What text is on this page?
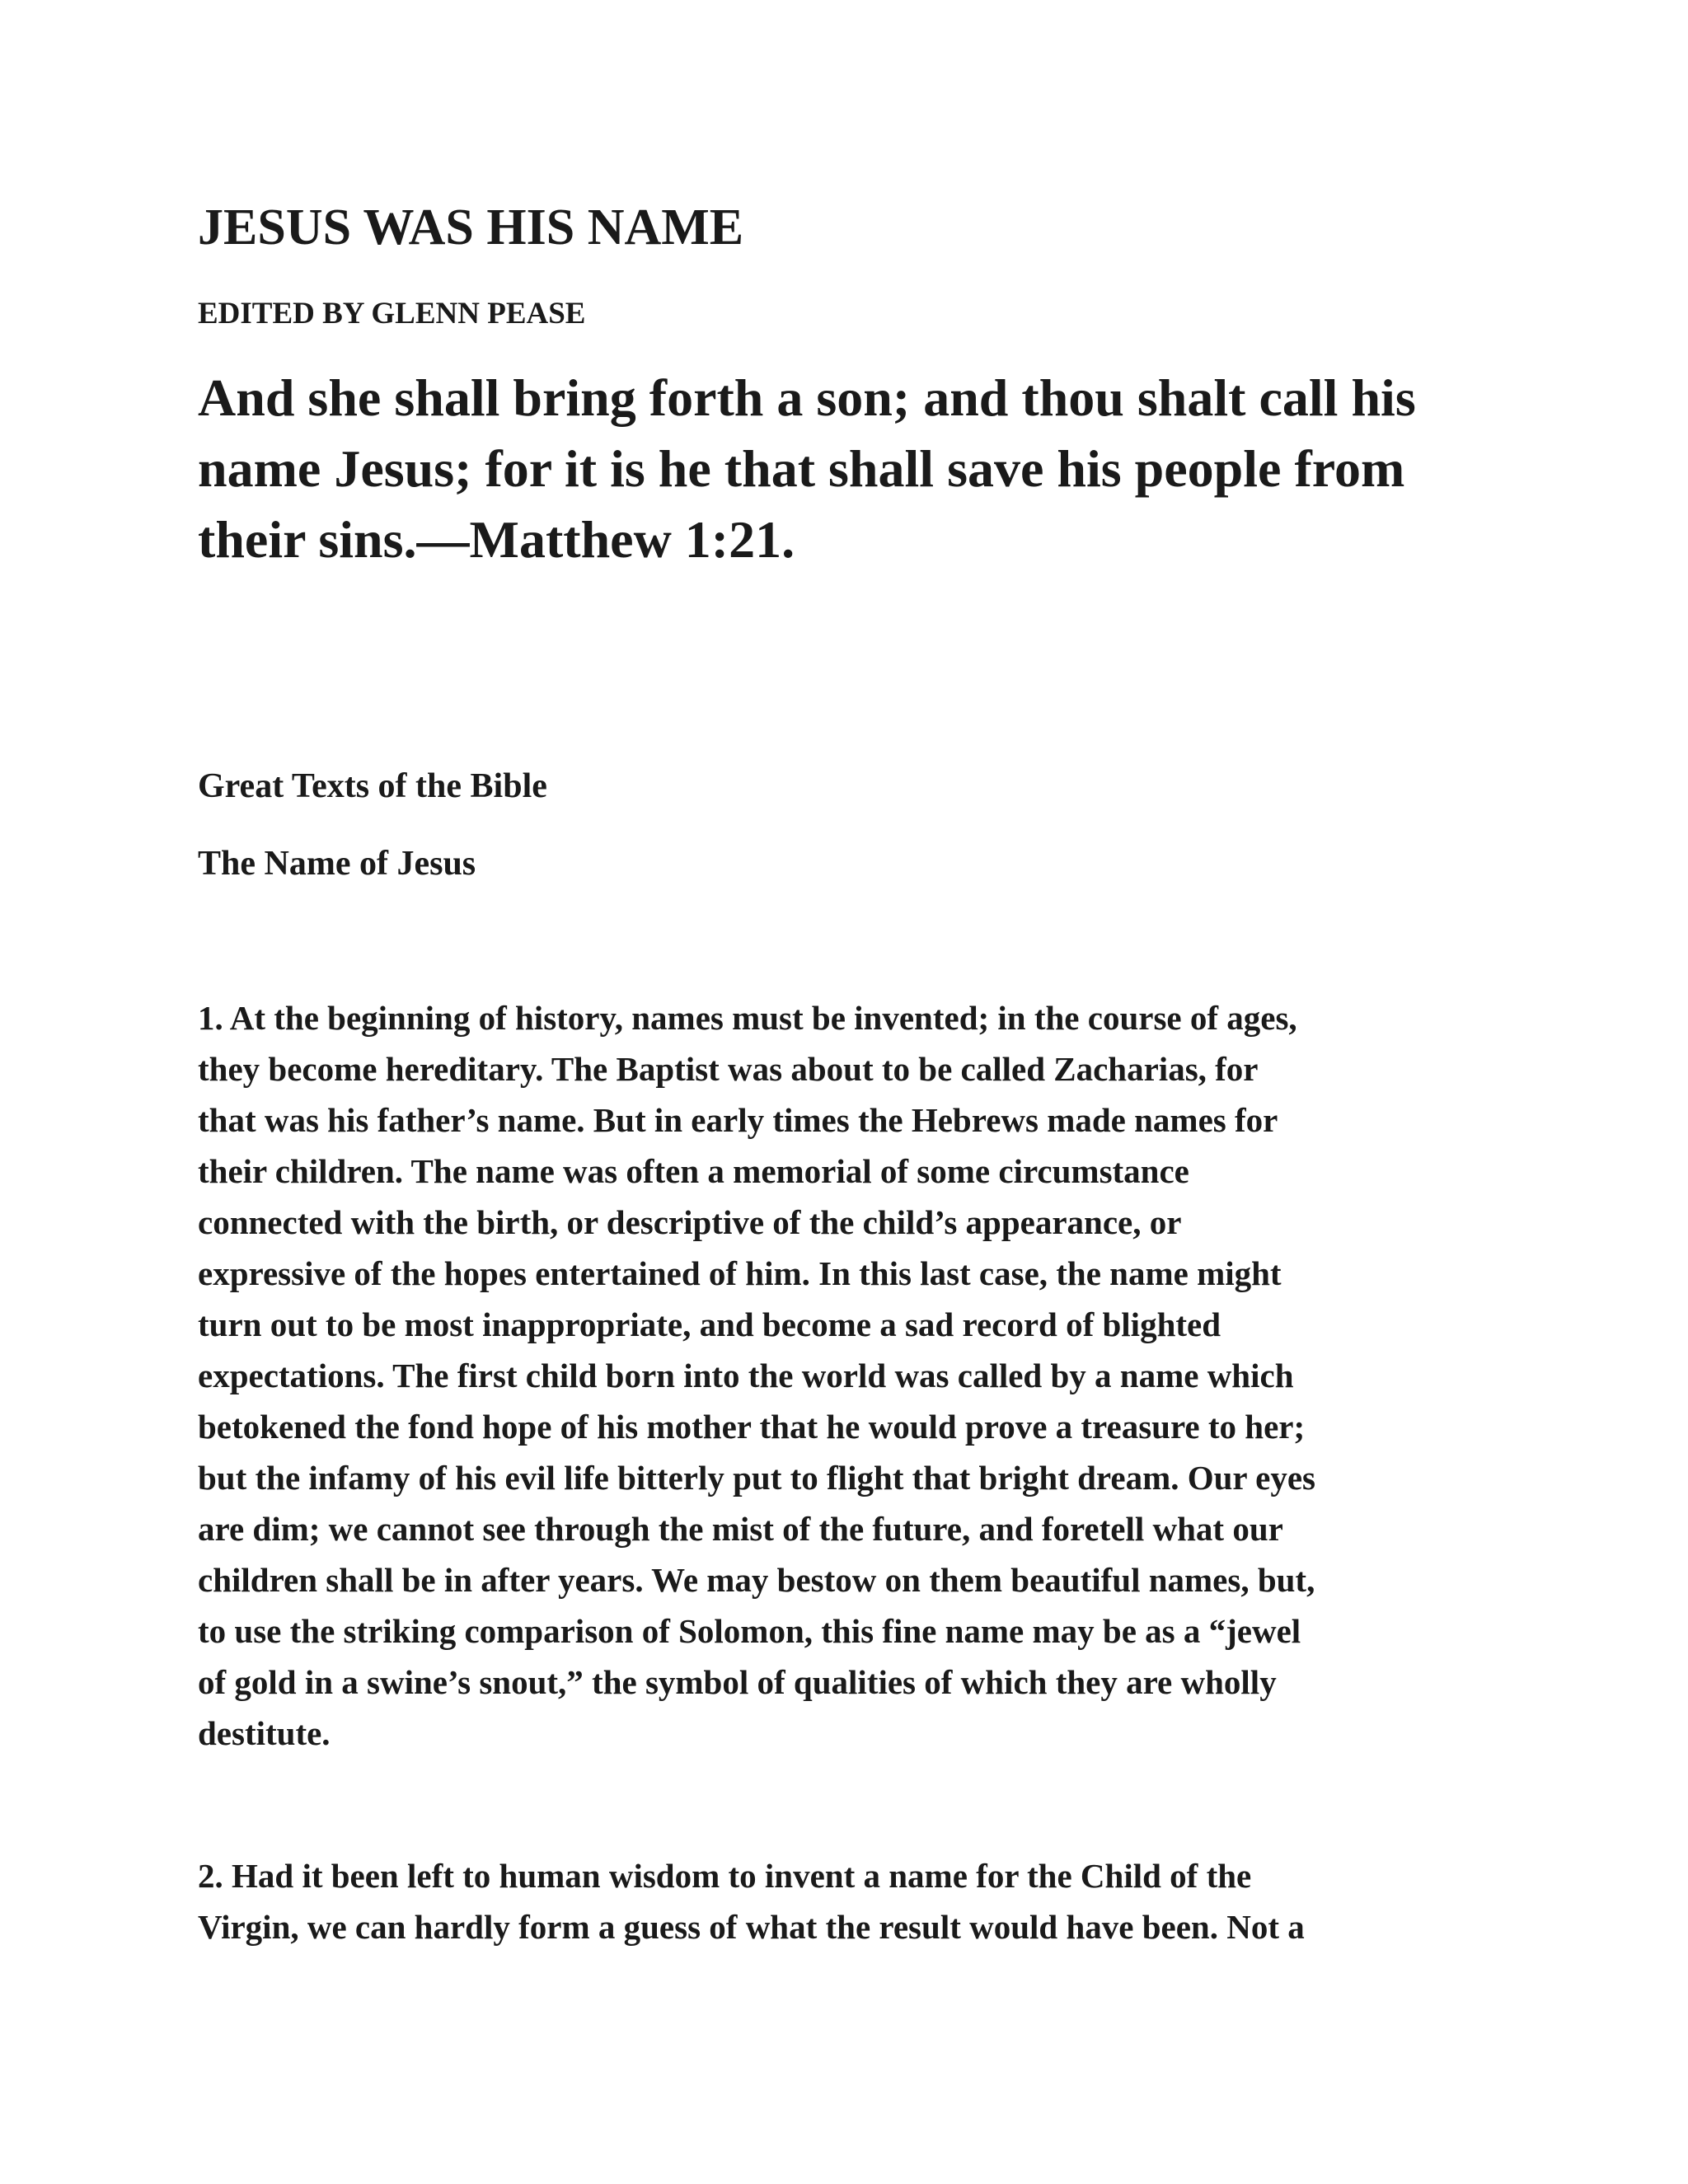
JESUS WAS HIS NAME

EDITED BY GLENN PEASE

And she shall bring forth a son; and thou shalt call his
name Jesus; for it is he that shall save his people from
their sins.—Matthew 1:21.

Great Texts of the Bible

The Name of Jesus

1. At the beginning of history, names must be invented; in the course of ages,
they become hereditary. The Baptist was about to be called Zacharias, for
that was his father’s name. But in early times the Hebrews made names for
their children. The name was often a memorial of some circumstance
connected with the birth, or descriptive of the child’s appearance, or
expressive of the hopes entertained of him. In this last case, the name might
turn out to be most inappropriate, and become a sad record of blighted
expectations. The first child born into the world was called by a name which
betokened the fond hope of his mother that he would prove a treasure to her;
but the infamy of his evil life bitterly put to flight that bright dream. Our eyes
are dim; we cannot see through the mist of the future, and foretell what our
children shall be in after years. We may bestow on them beautiful names, but,
to use the striking comparison of Solomon, this fine name may be as a “jewel
of gold in a swine’s snout,” the symbol of qualities of which they are wholly
destitute.

2. Had it been left to human wisdom to invent a name for the Child of the
Virgin, we can hardly form a guess of what the result would have been. Not a
